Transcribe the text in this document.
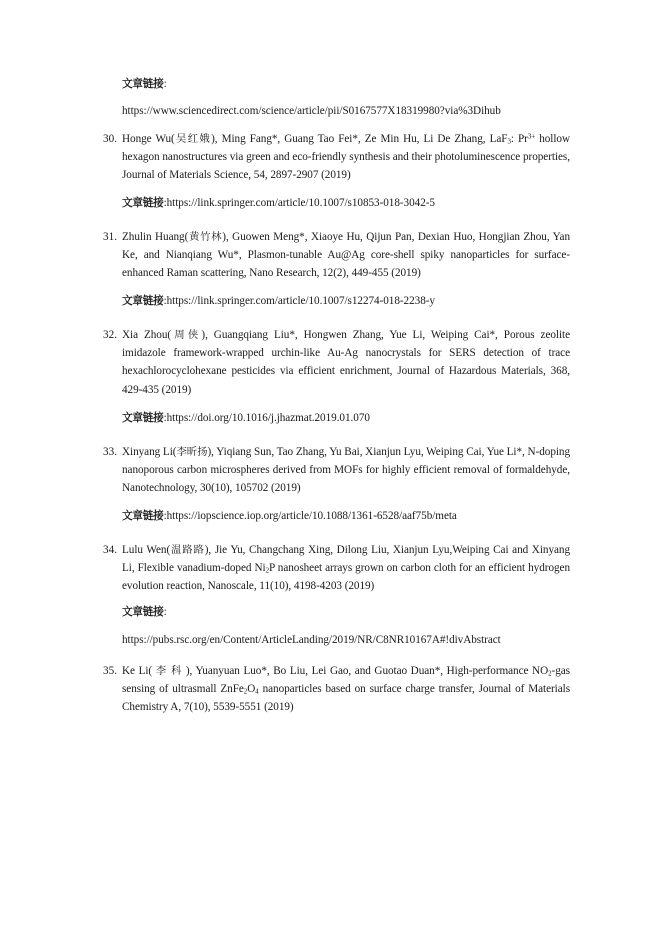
文章链接:
https://www.sciencedirect.com/science/article/pii/S0167577X18319980?via%3Dihub
30. Honge Wu(吴红娥), Ming Fang*, Guang Tao Fei*, Ze Min Hu, Li De Zhang, LaF$_3$: $Pr^{3+}$ hollow hexagon nanostructures via green and eco-friendly synthesis and their photoluminescence properties, Journal of Materials Science, 54, 2897-2907 (2019)
文章链接:https://link.springer.com/article/10.1007/s10853-018-3042-5
31. Zhulin Huang(黄竹林), Guowen Meng*, Xiaoye Hu, Qijun Pan, Dexian Huo, Hongjian Zhou, Yan Ke, and Nianqiang Wu*, Plasmon-tunable Au@Ag core-shell spiky nanoparticles for surface-enhanced Raman scattering, Nano Research, 12(2), 449-455 (2019)
文章链接:https://link.springer.com/article/10.1007/s12274-018-2238-y
32. Xia Zhou(周侠), Guangqiang Liu*, Hongwen Zhang, Yue Li, Weiping Cai*, Porous zeolite imidazole framework-wrapped urchin-like Au-Ag nanocrystals for SERS detection of trace hexachlorocyclohexane pesticides via efficient enrichment, Journal of Hazardous Materials, 368, 429-435 (2019)
文章链接:https://doi.org/10.1016/j.jhazmat.2019.01.070
33. Xinyang Li(李昕扬), Yiqiang Sun, Tao Zhang, Yu Bai, Xianjun Lyu, Weiping Cai, Yue Li*, N-doping nanoporous carbon microspheres derived from MOFs for highly efficient removal of formaldehyde, Nanotechnology, 30(10), 105702 (2019)
文章链接:https://iopscience.iop.org/article/10.1088/1361-6528/aaf75b/meta
34. Lulu Wen(温路路), Jie Yu, Changchang Xing, Dilong Liu, Xianjun Lyu,Weiping Cai and Xinyang Li, Flexible vanadium-doped $Ni_2P$ nanosheet arrays grown on carbon cloth for an efficient hydrogen evolution reaction, Nanoscale, 11(10), 4198-4203 (2019)
文章链接:
https://pubs.rsc.org/en/Content/ArticleLanding/2019/NR/C8NR10167A#!divAbstract
35. Ke Li( 李 科 ), Yuanyuan Luo*, Bo Liu, Lei Gao, and Guotao Duan*, High-performance $NO_2$-gas sensing of ultrasmall $ZnFe_2O_4$ nanoparticles based on surface charge transfer, Journal of Materials Chemistry A, 7(10), 5539-5551 (2019)
